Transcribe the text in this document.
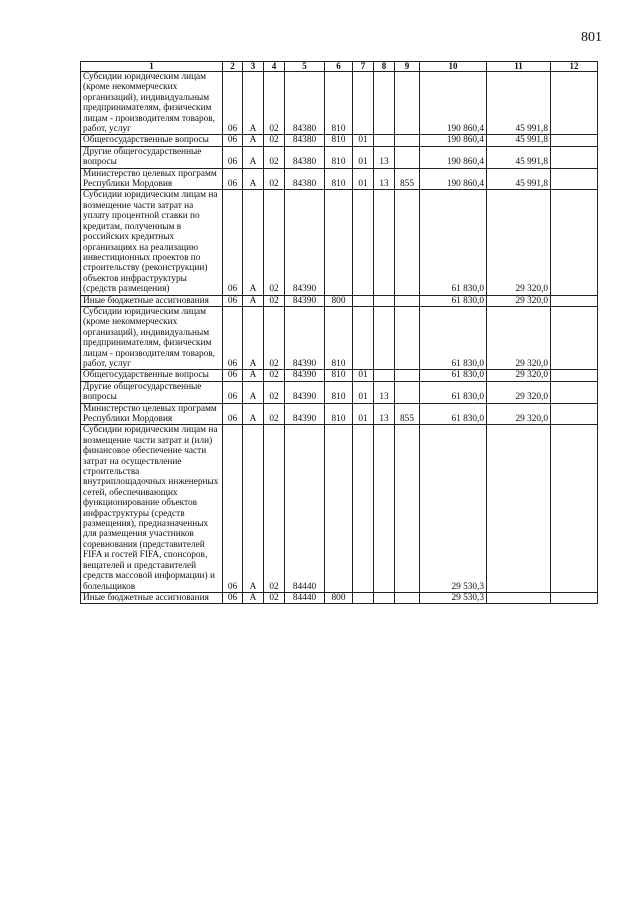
801
1	2	3	4	5	6	7	8	9	10	11	12
Субсидии юридическим лицам (кроме некоммерческих организаций), индивидуальным предпринимателям, физическим лицам - производителям товаров, работ, услуг	06	А	02	84380	810				190 860,4	45 991,8	
Общегосударственные вопросы	06	А	02	84380	810	01			190 860,4	45 991,8	
Другие общегосударственные вопросы	06	А	02	84380	810	01	13		190 860,4	45 991,8	
Министерство целевых программ Республики Мордовия	06	А	02	84380	810	01	13	855	190 860,4	45 991,8	
Субсидии юридическим лицам на возмещение части затрат на уплату процентной ставки по кредитам, полученным в российских кредитных организациях на реализацию инвестиционных проектов по строительству (реконструкции) объектов инфраструктуры (средств размещения)	06	А	02	84390					61 830,0	29 320,0	
Иные бюджетные ассигнования	06	А	02	84390	800				61 830,0	29 320,0	
Субсидии юридическим лицам (кроме некоммерческих организаций), индивидуальным предпринимателям, физическим лицам - производителям товаров, работ, услуг	06	А	02	84390	810				61 830,0	29 320,0	
Общегосударственные вопросы	06	А	02	84390	810	01			61 830,0	29 320,0	
Другие общегосударственные вопросы	06	А	02	84390	810	01	13		61 830,0	29 320,0	
Министерство целевых программ Республики Мордовия	06	А	02	84390	810	01	13	855	61 830,0	29 320,0	
Субсидии юридическим лицам на возмещение части затрат и (или) финансовое обеспечение части затрат на осуществление строительства внутриплощадочных инженерных сетей, обеспечивающих функционирование объектов инфраструктуры (средств размещения), предназначенных для размещения участников соревнования (представителей FIFA и гостей FIFA, спонсоров, вещателей и представителей средств массовой информации) и болельщиков	06	А	02	84440					29 530,3		
Иные бюджетные ассигнования	06	А	02	84440	800				29 530,3		
